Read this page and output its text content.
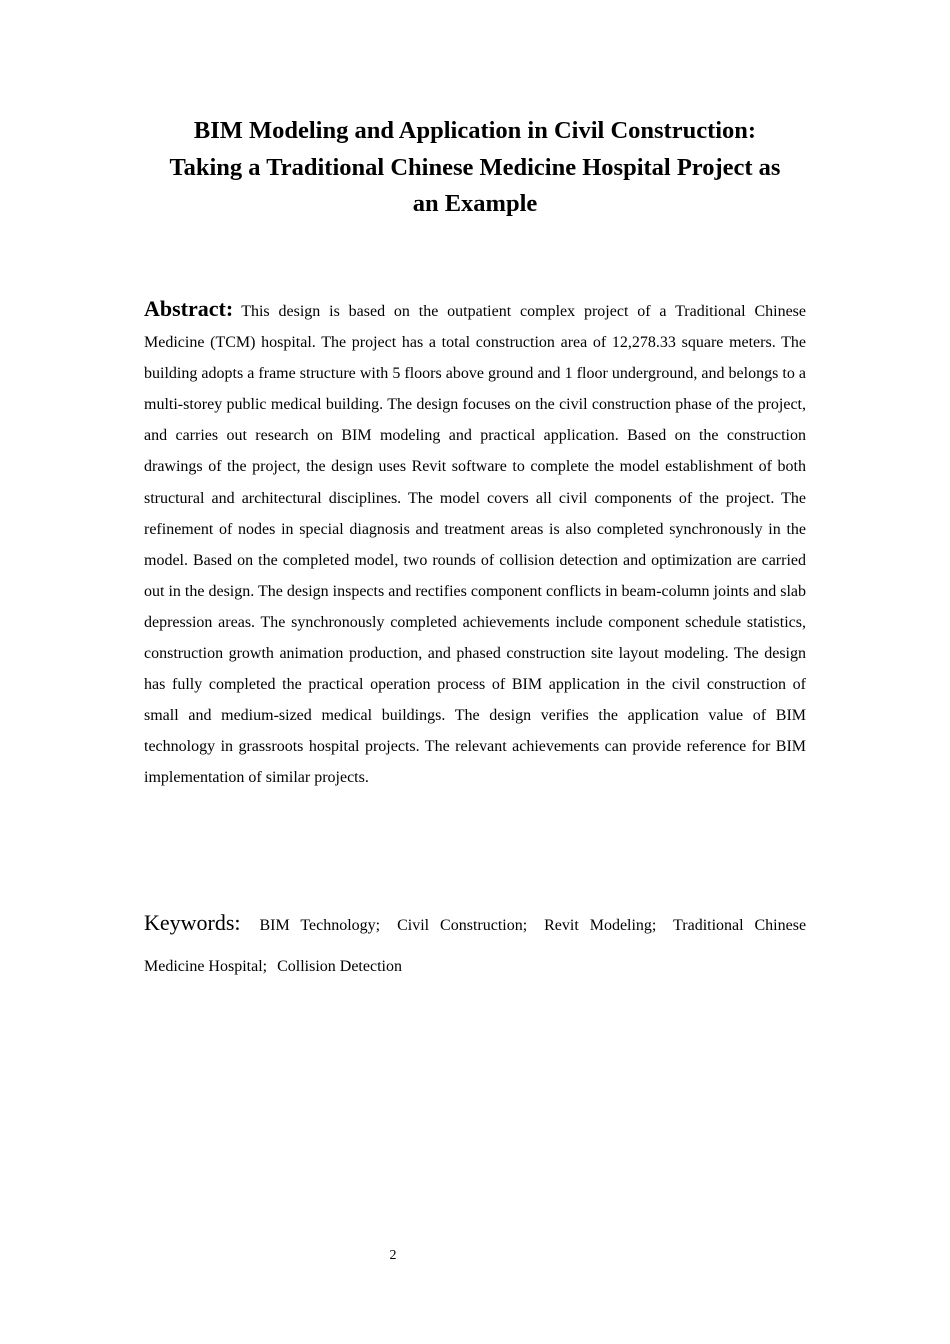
BIM Modeling and Application in Civil Construction:
Taking a Traditional Chinese Medicine Hospital Project as
an Example
Abstract: This design is based on the outpatient complex project of a Traditional Chinese Medicine (TCM) hospital. The project has a total construction area of 12,278.33 square meters. The building adopts a frame structure with 5 floors above ground and 1 floor underground, and belongs to a multi-storey public medical building. The design focuses on the civil construction phase of the project, and carries out research on BIM modeling and practical application. Based on the construction drawings of the project, the design uses Revit software to complete the model establishment of both structural and architectural disciplines. The model covers all civil components of the project. The refinement of nodes in special diagnosis and treatment areas is also completed synchronously in the model. Based on the completed model, two rounds of collision detection and optimization are carried out in the design. The design inspects and rectifies component conflicts in beam-column joints and slab depression areas. The synchronously completed achievements include component schedule statistics, construction growth animation production, and phased construction site layout modeling. The design has fully completed the practical operation process of BIM application in the civil construction of small and medium-sized medical buildings. The design verifies the application value of BIM technology in grassroots hospital projects. The relevant achievements can provide reference for BIM implementation of similar projects.
Keywords: BIM Technology; Civil Construction; Revit Modeling; Traditional Chinese Medicine Hospital; Collision Detection
2
